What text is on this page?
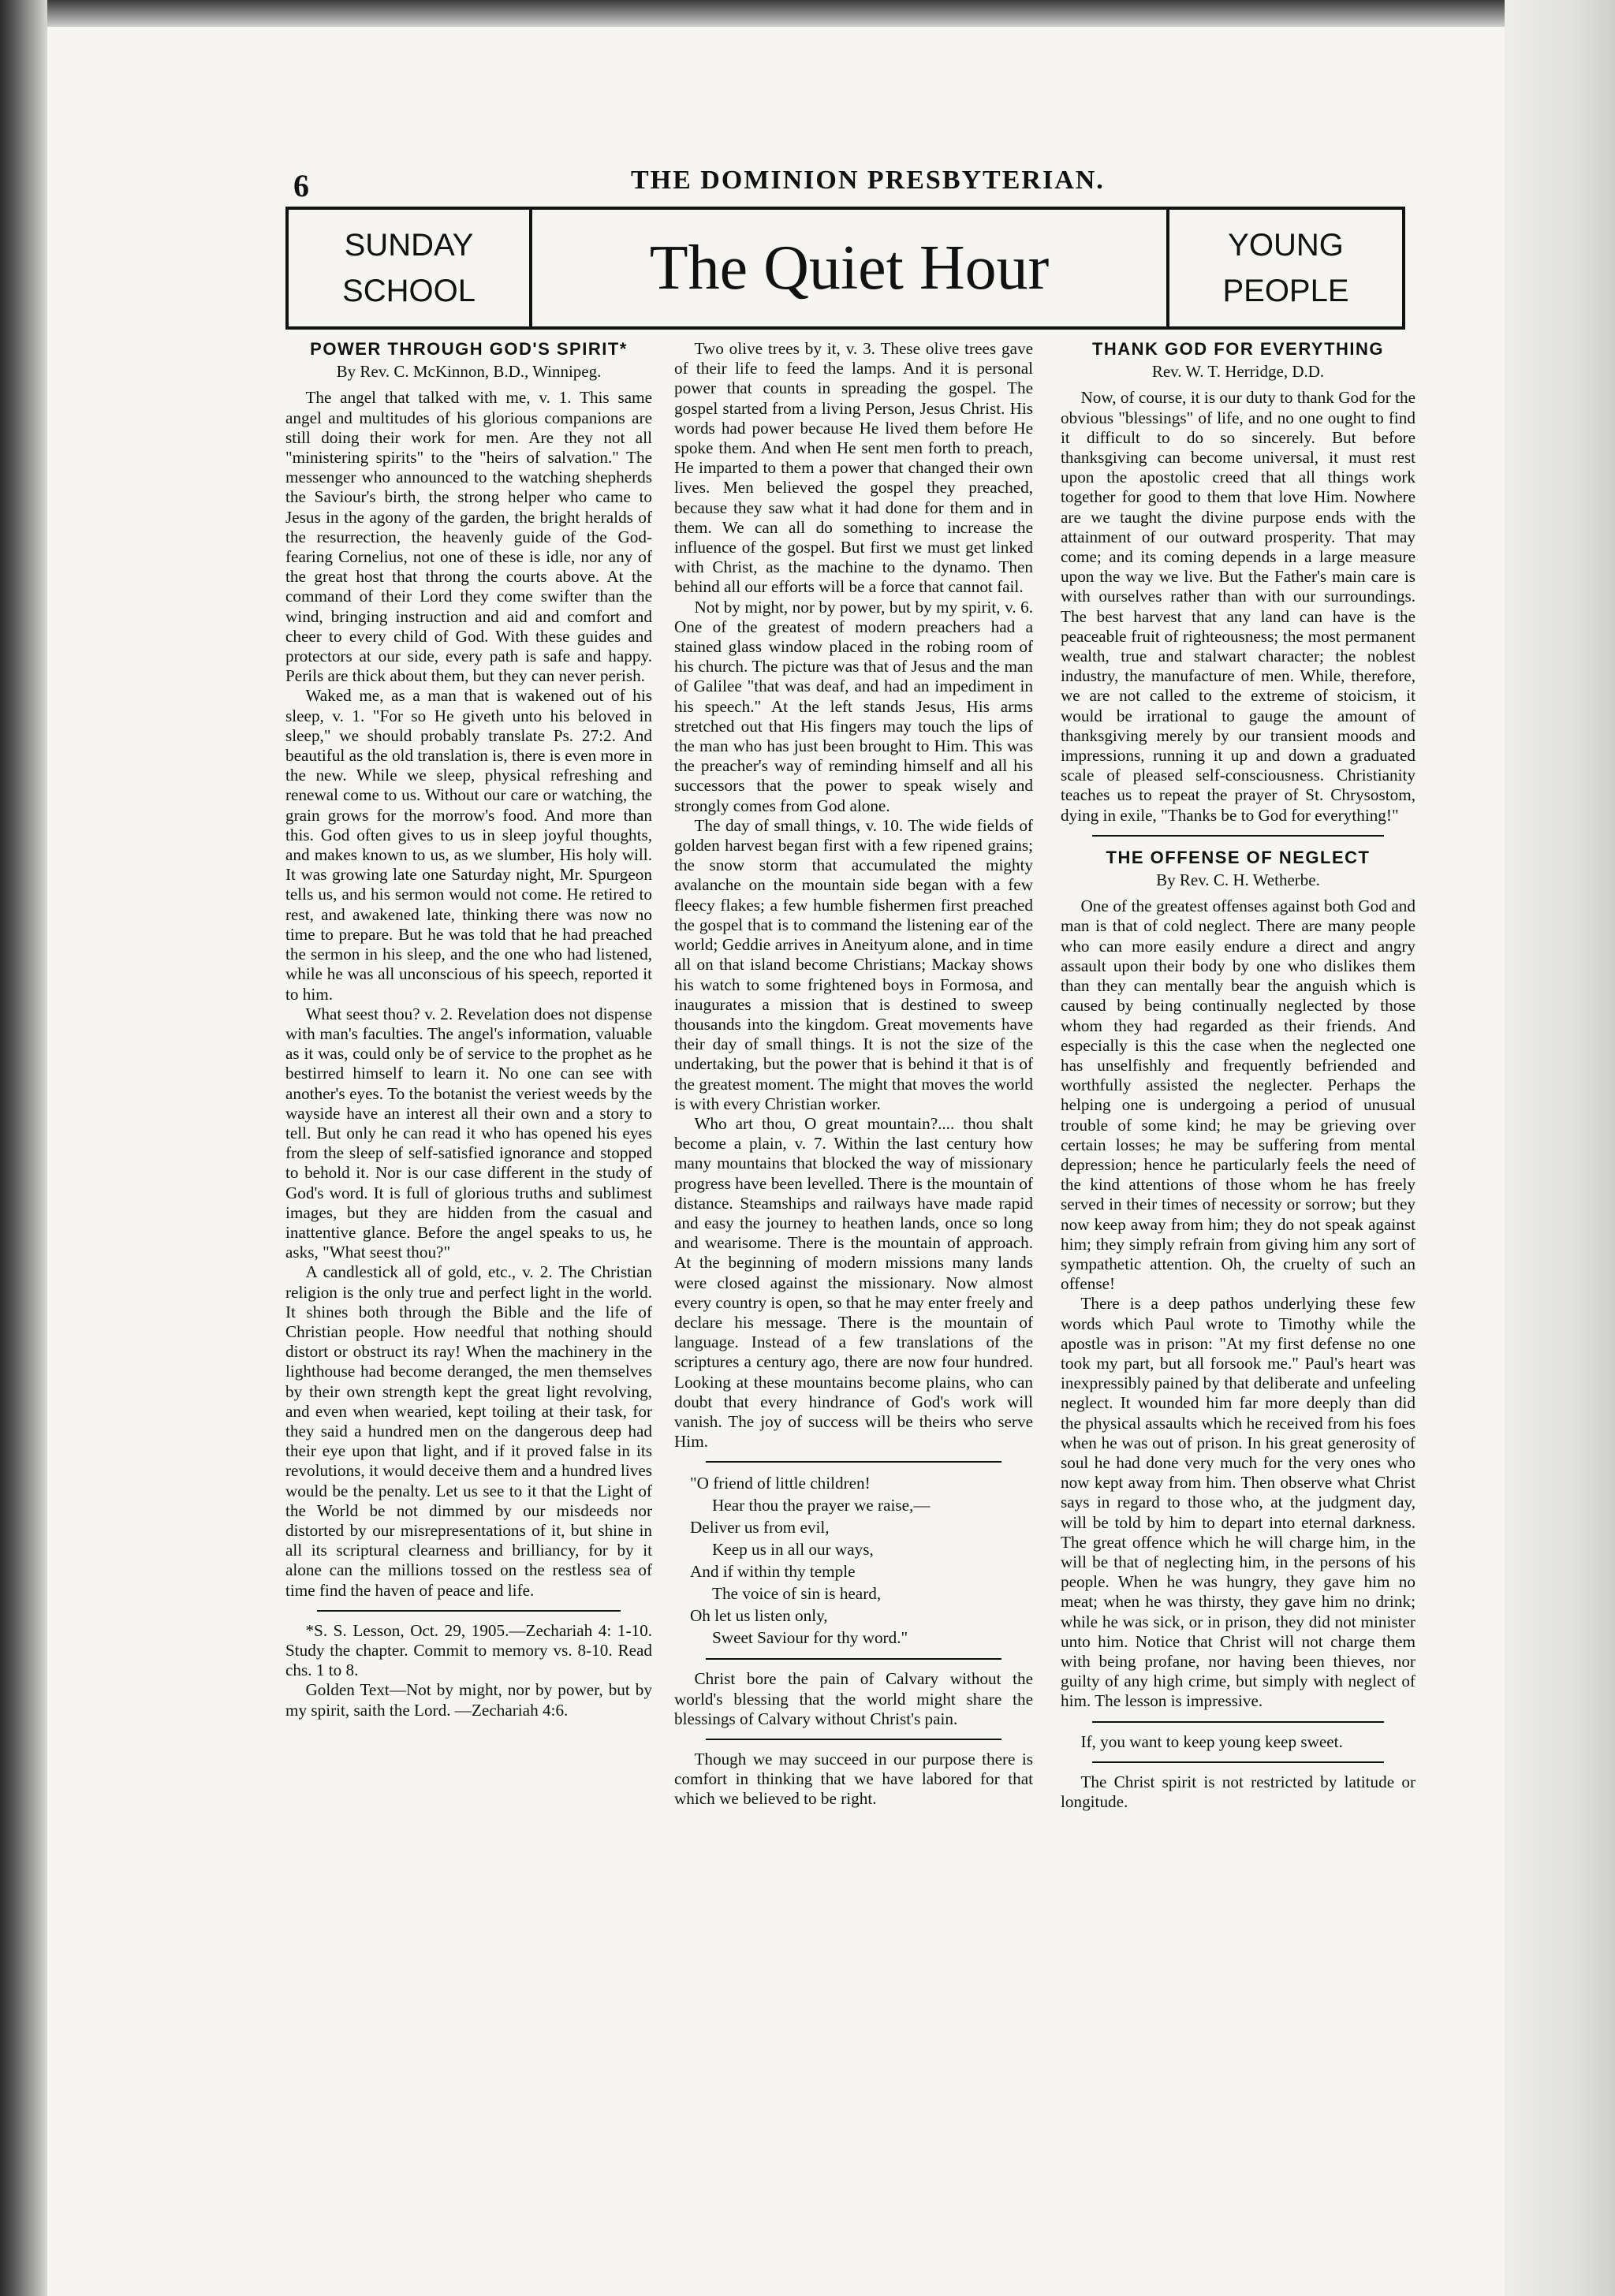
6	THE DOMINION PRESBYTERIAN.
SUNDAY
SCHOOL	The Quiet Hour	YOUNG
PEOPLE
POWER THROUGH GOD'S SPIRIT*
By Rev. C. McKinnon, B.D., Winnipeg.

The angel that talked with me, v. 1. This same angel and multitudes of his glorious companions are still doing their work for men. Are they not all "ministering spirits" to the "heirs of salvation." The messenger who announced to the watching shepherds the Saviour's birth, the strong helper who came to Jesus in the agony of the garden, the bright heralds of the resurrection, the heavenly guide of the God-fearing Cornelius, not one of these is idle, nor any of the great host that throng the courts above. At the command of their Lord they come swifter than the wind, bringing instruction and aid and comfort and cheer to every child of God. With these guides and protectors at our side, every path is safe and happy. Perils are thick about them, but they can never perish.

Waked me, as a man that is wakened out of his sleep, v. 1. "For so He giveth unto his beloved in sleep," we should probably translate Ps. 27:2. And beautiful as the old translation is, there is even more in the new. While we sleep, physical refreshing and renewal come to us. Without our care or watching, the grain grows for the morrow's food. And more than this. God often gives to us in sleep joyful thoughts, and makes known to us, as we slumber, His holy will. It was growing late one Saturday night, Mr. Spurgeon tells us, and his sermon would not come. He retired to rest, and awakened late, thinking there was now no time to prepare. But he was told that he had preached the sermon in his sleep, and the one who had listened, while he was all unconscious of his speech, reported it to him.

What seest thou? v. 2. Revelation does not dispense with man's faculties. The angel's information, valuable as it was, could only be of service to the prophet as he bestirred himself to learn it. No one can see with another's eyes. To the botanist the veriest weeds by the wayside have an interest all their own and a story to tell. But only he can read it who has opened his eyes from the sleep of self-satisfied ignorance and stopped to behold it. Nor is our case different in the study of God's word. It is full of glorious truths and sublimest images, but they are hidden from the casual and inattentive glance. Before the angel speaks to us, he asks, "What seest thou?"

A candlestick all of gold, etc., v. 2. The Christian religion is the only true and perfect light in the world. It shines both through the Bible and the life of Christian people. How needful that nothing should distort or obstruct its ray! When the machinery in the lighthouse had become deranged, the men themselves by their own strength kept the great light revolving, and even when wearied, kept toiling at their task, for they said a hundred men on the dangerous deep had their eye upon that light, and if it proved false in its revolutions, it would deceive them and a hundred lives would be the penalty. Let us see to it that the Light of the World be not dimmed by our misdeeds nor distorted by our misrepresentations of it, but shine in all its scriptural clearness and brilliancy, for by it alone can the millions tossed on the restless sea of time find the haven of peace and life.

*S. S. Lesson, Oct. 29, 1905.—Zechariah 4: 1-10. Study the chapter. Commit to memory vs. 8-10. Read chs. 1 to 8.

Golden Text—Not by might, nor by power, but by my spirit, saith the Lord. —Zechariah 4:6.

Two olive trees by it, v. 3. These olive trees gave of their life to feed the lamps. And it is personal power that counts in spreading the gospel. The gospel started from a living Person, Jesus Christ. His words had power because He lived them before He spoke them. And when He sent men forth to preach, He imparted to them a power that changed their own lives. Men believed the gospel they preached, because they saw what it had done for them and in them. We can all do something to increase the influence of the gospel. But first we must get linked with Christ, as the machine to the dynamo. Then behind all our efforts will be a force that cannot fail.

Not by might, nor by power, but by my spirit, v. 6. One of the greatest of modern preachers had a stained glass window placed in the robing room of his church. The picture was that of Jesus and the man of Galilee "that was deaf, and had an impediment in his speech." At the left stands Jesus, His arms stretched out that His fingers may touch the lips of the man who has just been brought to Him. This was the preacher's way of reminding himself and all his successors that the power to speak wisely and strongly comes from God alone.

The day of small things, v. 10. The wide fields of golden harvest began first with a few ripened grains; the snow storm that accumulated the mighty avalanche on the mountain side began with a few fleecy flakes; a few humble fishermen first preached the gospel that is to command the listening ear of the world; Geddie arrives in Aneityum alone, and in time all on that island become Christians; Mackay shows his watch to some frightened boys in Formosa, and inaugurates a mission that is destined to sweep thousands into the kingdom. Great movements have their day of small things. It is not the size of the undertaking, but the power that is behind it that is of the greatest moment. The might that moves the world is with every Christian worker.

Who art thou, O great mountain?.... thou shalt become a plain, v. 7. Within the last century how many mountains that blocked the way of missionary progress have been levelled. There is the mountain of distance. Steamships and railways have made rapid and easy the journey to heathen lands, once so long and wearisome. There is the mountain of approach. At the beginning of modern missions many lands were closed against the missionary. Now almost every country is open, so that he may enter freely and declare his message. There is the mountain of language. Instead of a few translations of the scriptures a century ago, there are now four hundred. Looking at these mountains become plains, who can doubt that every hindrance of God's work will vanish. The joy of success will be theirs who serve Him.

"O friend of little children!
Hear thou the prayer we raise,—
Deliver us from evil,
Keep us in all our ways,
And if within thy temple
The voice of sin is heard,
Oh let us listen only,
Sweet Saviour for thy word."

Christ bore the pain of Calvary without the world's blessing that the world might share the blessings of Calvary without Christ's pain.

Though we may succeed in our purpose there is comfort in thinking that we have labored for that which we believed to be right.

THANK GOD FOR EVERYTHING
Rev. W. T. Herridge, D.D.

Now, of course, it is our duty to thank God for the obvious "blessings" of life, and no one ought to find it difficult to do so sincerely. But before thanksgiving can become universal, it must rest upon the apostolic creed that all things work together for good to them that love Him. Nowhere are we taught the divine purpose ends with the attainment of our outward prosperity. That may come; and its coming depends in a large measure upon the way we live. But the Father's main care is with ourselves rather than with our surroundings. The best harvest that any land can have is the peaceable fruit of righteousness; the most permanent wealth, true and stalwart character; the noblest industry, the manufacture of men. While, therefore, we are not called to the extreme of stoicism, it would be irrational to gauge the amount of thanksgiving merely by our transient moods and impressions, running it up and down a graduated scale of pleased self-consciousness. Christianity teaches us to repeat the prayer of St. Chrysostom, dying in exile, "Thanks be to God for everything!"

THE OFFENSE OF NEGLECT
By Rev. C. H. Wetherbe.

One of the greatest offenses against both God and man is that of cold neglect. There are many people who can more easily endure a direct and angry assault upon their body by one who dislikes them than they can mentally bear the anguish which is caused by being continually neglected by those whom they had regarded as their friends. And especially is this the case when the neglected one has unselfishly and frequently befriended and worthfully assisted the neglecter. Perhaps the helping one is undergoing a period of unusual trouble of some kind; he may be grieving over certain losses; he may be suffering from mental depression; hence he particularly feels the need of the kind attentions of those whom he has freely served in their times of necessity or sorrow; but they now keep away from him; they do not speak against him; they simply refrain from giving him any sort of sympathetic attention. Oh, the cruelty of such an offense!

There is a deep pathos underlying these few words which Paul wrote to Timothy while the apostle was in prison: "At my first defense no one took my part, but all forsook me." Paul's heart was inexpressibly pained by that deliberate and unfeeling neglect. It wounded him far more deeply than did the physical assaults which he received from his foes when he was out of prison. In his great generosity of soul he had done very much for the very ones who now kept away from him. Then observe what Christ says in regard to those who, at the judgment day, will be told by him to depart into eternal darkness. The great offence which he will charge him, in the will be that of neglecting him, in the persons of his people. When he was hungry, they gave him no meat; when he was thirsty, they gave him no drink; while he was sick, or in prison, they did not minister unto him. Notice that Christ will not charge them with being profane, nor having been thieves, nor guilty of any high crime, but simply with neglect of him. The lesson is impressive.

If, you want to keep young keep sweet.

The Christ spirit is not restricted by latitude or longitude.
